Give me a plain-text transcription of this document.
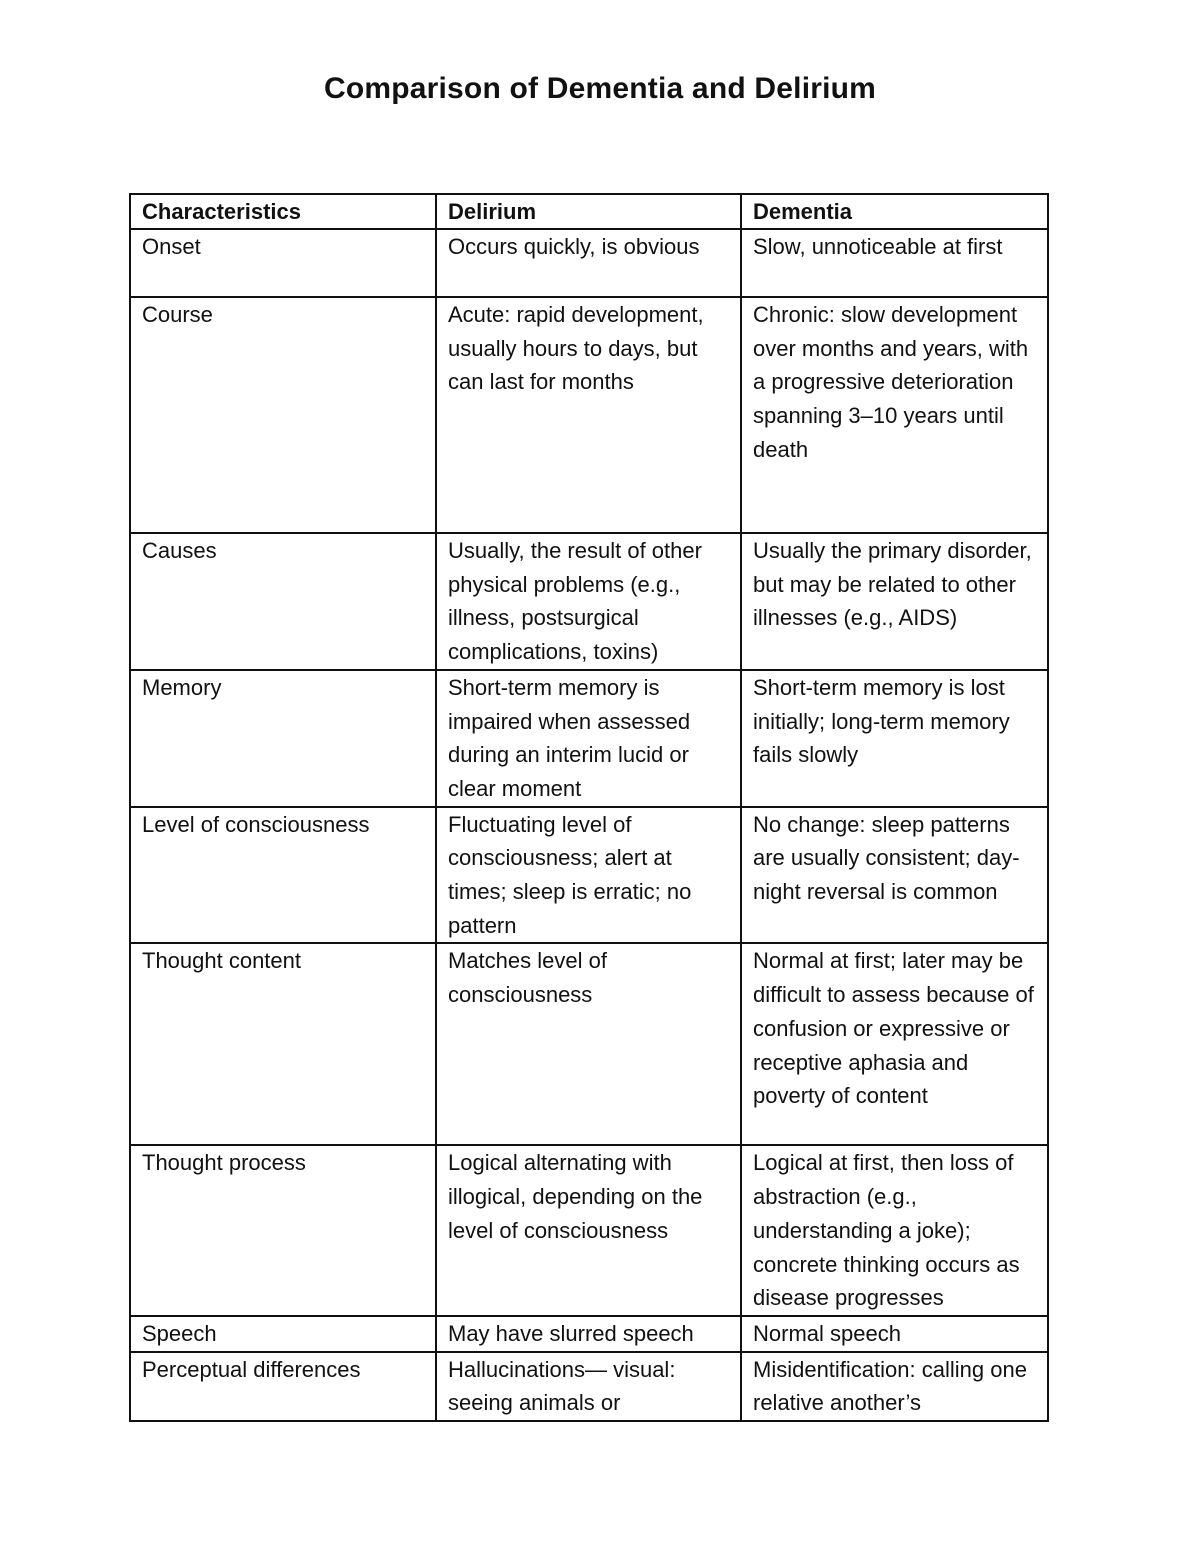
Comparison of Dementia and Delirium
Characteristics	Delirium	Dementia
Onset	Occurs quickly, is obvious	Slow, unnoticeable at first
Course	Acute: rapid development, usually hours to days, but can last for months	Chronic: slow development over months and years, with a progressive deterioration spanning 3–10 years until death
Causes	Usually, the result of other physical problems (e.g., illness, postsurgical complications, toxins)	Usually the primary disorder, but may be related to other illnesses (e.g., AIDS)
Memory	Short-term memory is impaired when assessed during an interim lucid or clear moment	Short-term memory is lost initially; long-term memory fails slowly
Level of consciousness	Fluctuating level of consciousness; alert at times; sleep is erratic; no pattern	No change: sleep patterns are usually consistent; day-night reversal is common
Thought content	Matches level of consciousness	Normal at first; later may be difficult to assess because of confusion or expressive or receptive aphasia and poverty of content
Thought process	Logical alternating with illogical, depending on the level of consciousness	Logical at first, then loss of abstraction (e.g., understanding a joke); concrete thinking occurs as disease progresses
Speech	May have slurred speech	Normal speech
Perceptual differences	Hallucinations— visual: seeing animals or	Misidentification: calling one relative another’s
